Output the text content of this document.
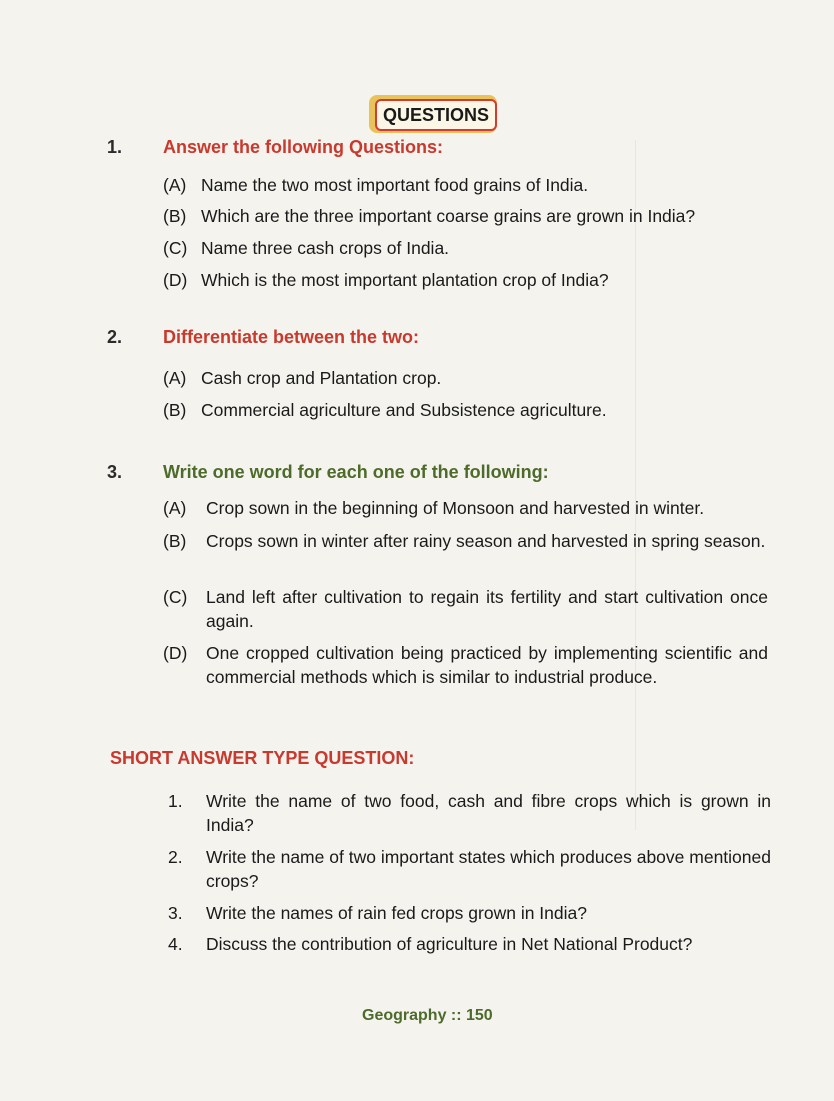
QUESTIONS
1. Answer the following Questions:
(A) Name the two most important food grains of India.
(B) Which are the three important coarse grains are grown in India?
(C) Name three cash crops of India.
(D) Which is the most important plantation crop of India?
2. Differentiate between the two:
(A) Cash crop and Plantation crop.
(B) Commercial agriculture and Subsistence agriculture.
3. Write one word for each one of the following:
(A) Crop sown in the beginning of Monsoon and harvested in winter.
(B) Crops sown in winter after rainy season and harvested in spring season.
(C) Land left after cultivation to regain its fertility and start cultivation once again.
(D) One cropped cultivation being practiced by implementing scientific and commercial methods which is similar to industrial produce.
SHORT ANSWER TYPE QUESTION:
1. Write the name of two food, cash and fibre crops which is grown in India?
2. Write the name of two important states which produces above mentioned crops?
3. Write the names of rain fed crops grown in India?
4. Discuss the contribution of agriculture in Net National Product?
Geography :: 150
